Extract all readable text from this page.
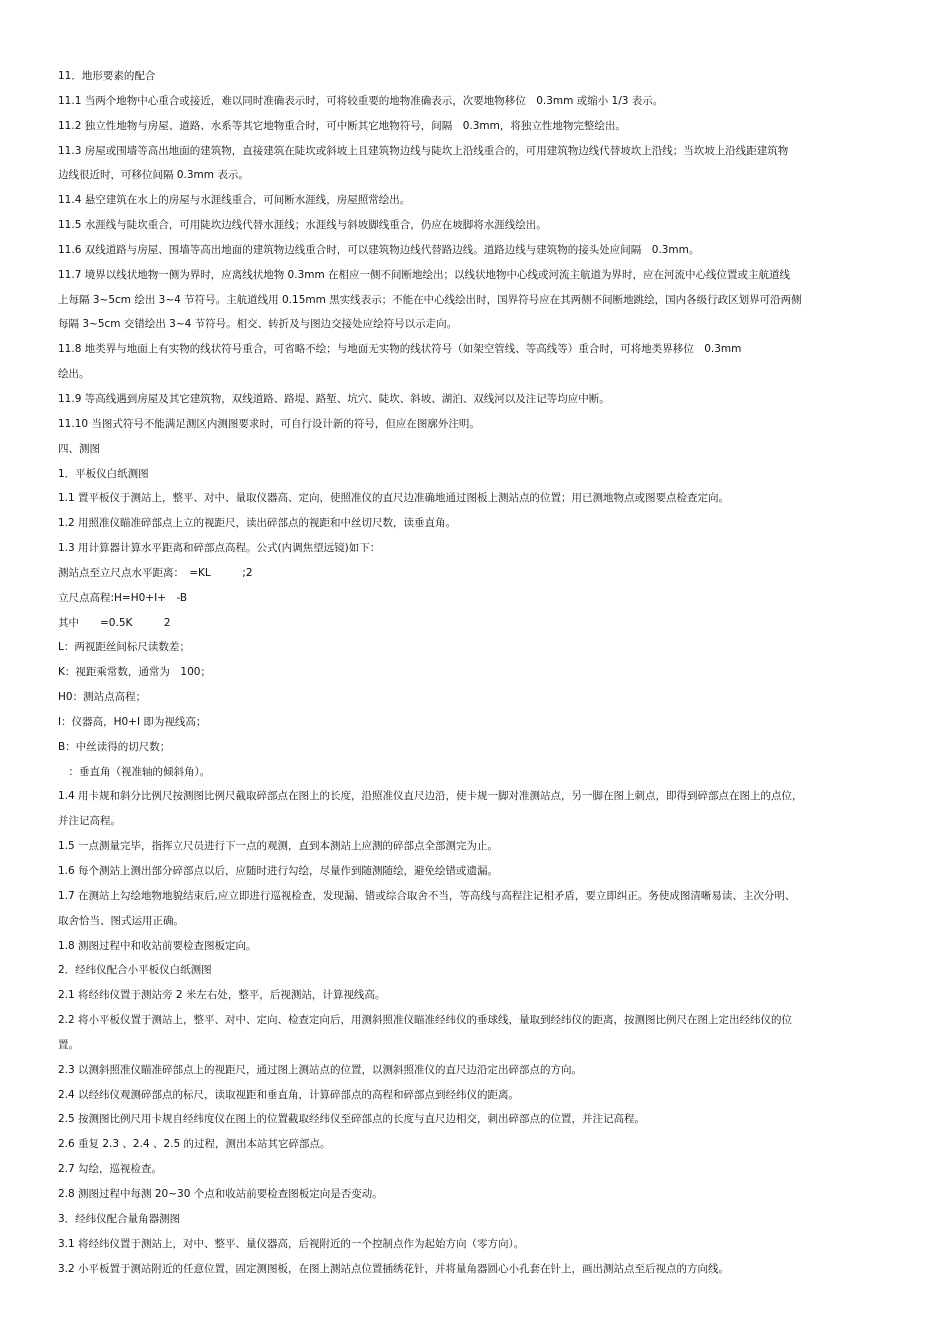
11．地形要素的配合
11.1 当两个地物中心重合或接近，难以同时准确表示时，可将较重要的地物准确表示，次要地物移位　0.3mm 或缩小 1/3 表示。
11.2 独立性地物与房屋、道路、水系等其它地物重合时，可中断其它地物符号，间隔　0.3mm，将独立性地物完整绘出。
11.3 房屋或围墙等高出地面的建筑物，直接建筑在陡坎或斜坡上且建筑物边线与陡坎上沿线重合的，可用建筑物边线代替坡坎上沿线；当坎坡上沿线距建筑物
边线很近时，可移位间隔 0.3mm 表示。
11.4 悬空建筑在水上的房屋与水涯线重合，可间断水涯线，房屋照常绘出。
11.5 水涯线与陡坎重合，可用陡坎边线代替水涯线；水涯线与斜坡脚线重合，仍应在坡脚将水涯线绘出。
11.6 双线道路与房屋、围墙等高出地面的建筑物边线重合时，可以建筑物边线代替路边线。道路边线与建筑物的接头处应间隔　0.3mm。
11.7 境界以线状地物一侧为界时，应离线状地物 0.3mm 在相应一侧不间断地绘出；以线状地物中心线或河流主航道为界时，应在河流中心线位置或主航道线
上每隔 3~5cm 绘出 3~4 节符号。主航道线用 0.15mm 黑实线表示；不能在中心线绘出时，国界符号应在其两侧不间断地跳绘，国内各级行政区划界可沿两侧
每隔 3~5cm 交错绘出 3~4 节符号。相交、转折及与图边交接处应绘符号以示走向。
11.8 地类界与地面上有实物的线状符号重合，可省略不绘；与地面无实物的线状符号（如架空管线、等高线等）重合时，可将地类界移位　0.3mm
绘出。
11.9 等高线遇到房屋及其它建筑物，双线道路、路堤、路堑、坑穴、陡坎、斜坡、湖泊、双线河以及注记等均应中断。
11.10 当图式符号不能满足测区内测图要求时，可自行设计新的符号，但应在图廓外注明。
四、测图
1．平板仪白纸测图
1.1 置平板仪于测站上，整平、对中、量取仪器高、定向，使照准仪的直尺边准确地通过图板上测站点的位置；用已测地物点或图要点检查定向。
1.2 用照准仪瞄准碎部点上立的视距尺，读出碎部点的视距和中丝切尺数，读垂直角。
1.3 用计算器计算水平距离和碎部点高程。公式(内调焦望远镜)如下：
测站点至立尺点水平距离：　=KL　　　;2
立尺点高程:H=H0+I+　-B
其中　　=0.5K　　　2
L：两视距丝间标尺读数差；
K：视距乘常数，通常为　100；
H0：测站点高程；
I：仪器高，H0+I 即为视线高；
B：中丝读得的切尺数；
　：垂直角（视准轴的倾斜角）。
1.4 用卡规和斜分比例尺按测图比例尺截取碎部点在图上的长度，沿照准仪直尺边沿，使卡规一脚对准测站点，另一脚在图上刺点，即得到碎部点在图上的点位，
并注记高程。
1.5 一点测量完毕，指挥立尺员进行下一点的观测，直到本测站上应测的碎部点全部测完为止。
1.6 每个测站上测出部分碎部点以后，应随时进行勾绘，尽量作到随测随绘，避免绘错或遗漏。
1.7 在测站上勾绘地物地貌结束后,应立即进行巡视检查，发现漏、错或综合取舍不当，等高线与高程注记相矛盾，要立即纠正。务使成图清晰易读、主次分明、
取舍恰当、图式运用正确。
1.8 测图过程中和收站前要检查图板定向。
2．经纬仪配合小平板仪白纸测图
2.1 将经纬仪置于测站旁 2 米左右处，整平，后视测站，计算视线高。
2.2 将小平板仪置于测站上，整平、对中、定向、检查定向后，用测斜照准仪瞄准经纬仪的垂球线，量取到经纬仪的距离，按测图比例尺在图上定出经纬仪的位
置。
2.3 以测斜照准仪瞄准碎部点上的视距尺，通过图上测站点的位置，以测斜照准仪的直尺边沿定出碎部点的方向。
2.4 以经纬仪观测碎部点的标尺，读取视距和垂直角，计算碎部点的高程和碎部点到经纬仪的距离。
2.5 按测图比例尺用卡规自经纬度仪在图上的位置截取经纬仪至碎部点的长度与直尺边相交，刺出碎部点的位置，并注记高程。
2.6 重复 2.3 、2.4 、2.5 的过程，测出本站其它碎部点。
2.7 勾绘，巡视检查。
2.8 测图过程中每测 20~30 个点和收站前要检查图板定向是否变动。
3．经纬仪配合量角器测图
3.1 将经纬仪置于测站上，对中、整平、量仪器高，后视附近的一个控制点作为起始方向（零方向）。
3.2 小平板置于测站附近的任意位置，固定测图板，在图上测站点位置插绣花针，并将量角器圆心小孔套在针上，画出测站点至后视点的方向线。
